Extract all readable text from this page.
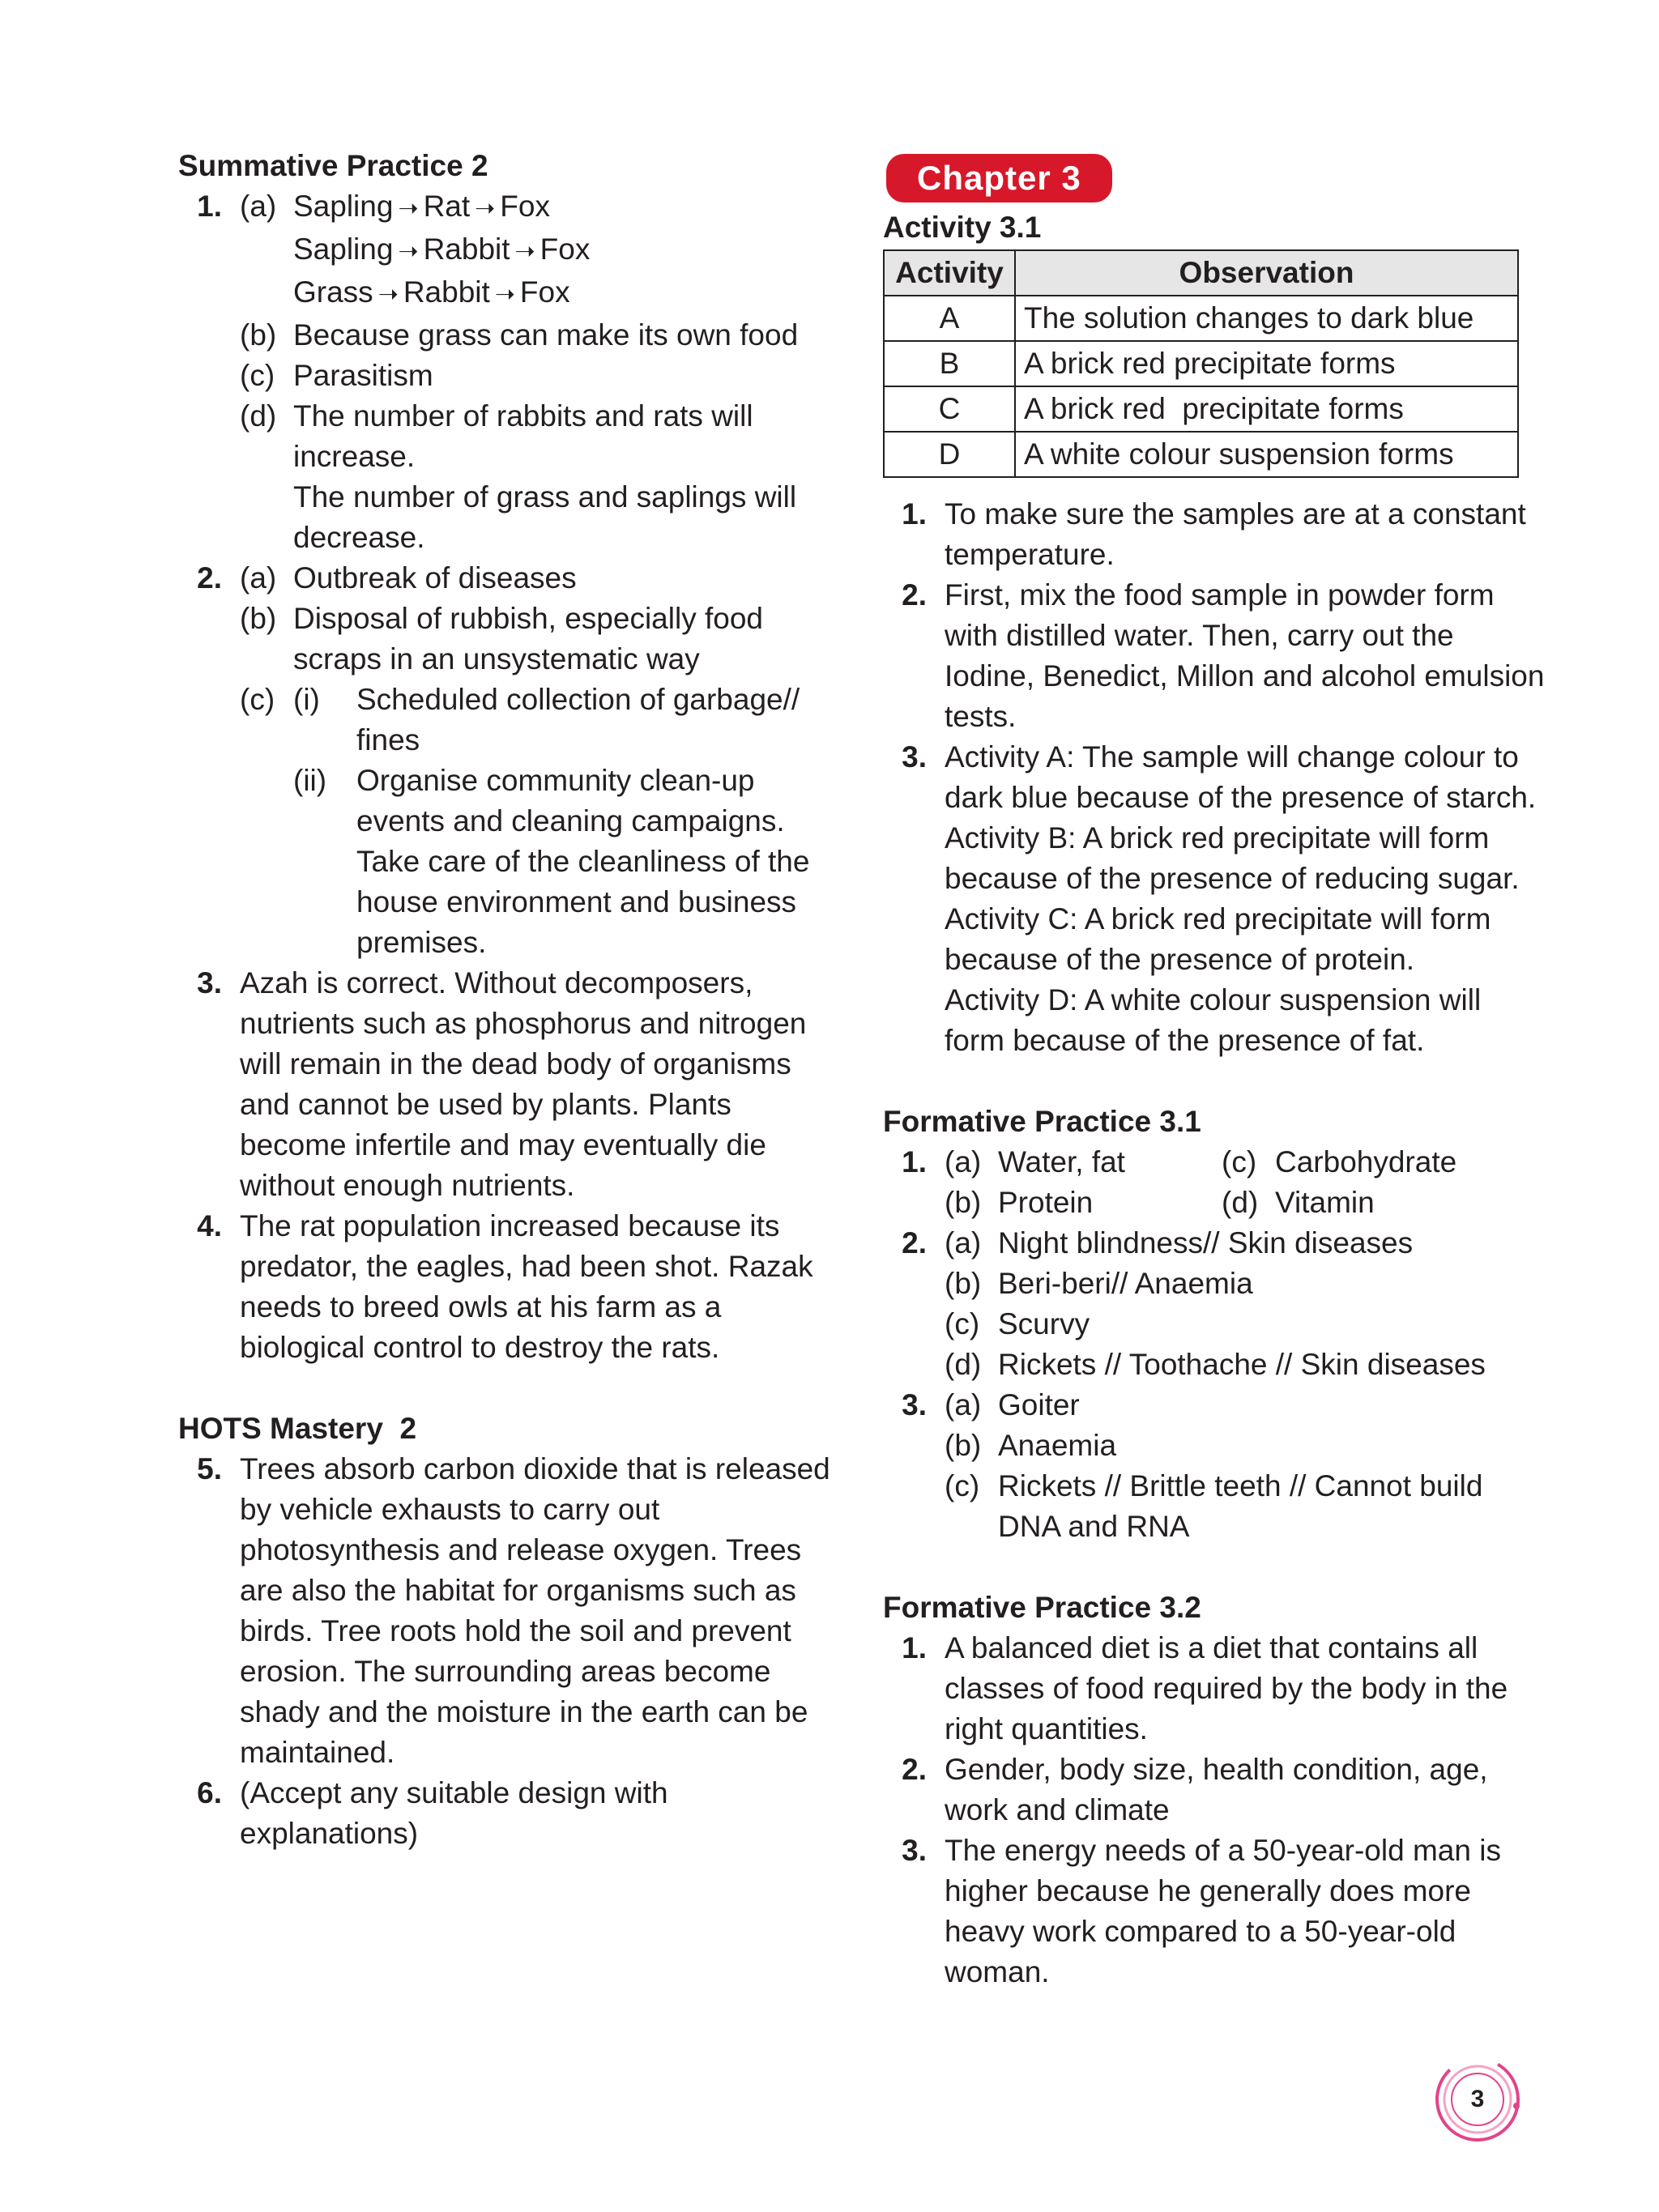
Summative Practice 2
1. (a) Sapling ➝ Rat ➝ Fox
Sapling ➝ Rabbit ➝ Fox
Grass ➝ Rabbit ➝ Fox
(b) Because grass can make its own food
(c) Parasitism
(d) The number of rabbits and rats will increase.
The number of grass and saplings will decrease.
2. (a) Outbreak of diseases
(b) Disposal of rubbish, especially food scraps in an unsystematic way
(c) (i)	Scheduled collection of garbage// fines
(ii) Organise community clean-up events and cleaning campaigns. Take care of the cleanliness of the house environment and business premises.
3. Azah is correct. Without decomposers, nutrients such as phosphorus and nitrogen will remain in the dead body of organisms and cannot be used by plants. Plants become infertile and may eventually die without enough nutrients.
4. The rat population increased because its predator, the eagles, had been shot. Razak needs to breed owls at his farm as a biological control to destroy the rats.
HOTS Mastery  2
5. Trees absorb carbon dioxide that is released by vehicle exhausts to carry out photosynthesis and release oxygen. Trees are also the habitat for organisms such as birds. Tree roots hold the soil and prevent erosion. The surrounding areas become shady and the moisture in the earth can be maintained.
6. (Accept any suitable design with explanations)
Chapter 3
Activity 3.1
Activity	Observation
A	The solution changes to dark blue
B	A brick red precipitate forms
C	A brick red  precipitate forms
D	A white colour suspension forms
1. To make sure the samples are at a constant temperature.
2. First, mix the food sample in powder form with distilled water. Then, carry out the Iodine, Benedict, Millon and alcohol emulsion tests.
3. Activity A: The sample will change colour to dark blue because of the presence of starch.
Activity B: A brick red precipitate will form because of the presence of reducing sugar.
Activity C: A brick red precipitate will form because of the presence of protein.
Activity D: A white colour suspension will form because of the presence of fat.
Formative Practice 3.1
1. (a) Water, fat	(c) Carbohydrate
(b) Protein	(d) Vitamin
2. (a) Night blindness// Skin diseases
(b) Beri-beri// Anaemia
(c) Scurvy
(d) Rickets // Toothache // Skin diseases
3. (a) Goiter
(b) Anaemia
(c) Rickets // Brittle teeth // Cannot build DNA and RNA
Formative Practice 3.2
1. A balanced diet is a diet that contains all classes of food required by the body in the right quantities.
2. Gender, body size, health condition, age, work and climate
3. The energy needs of a 50-year-old man is higher because he generally does more heavy work compared to a 50-year-old woman.
3
